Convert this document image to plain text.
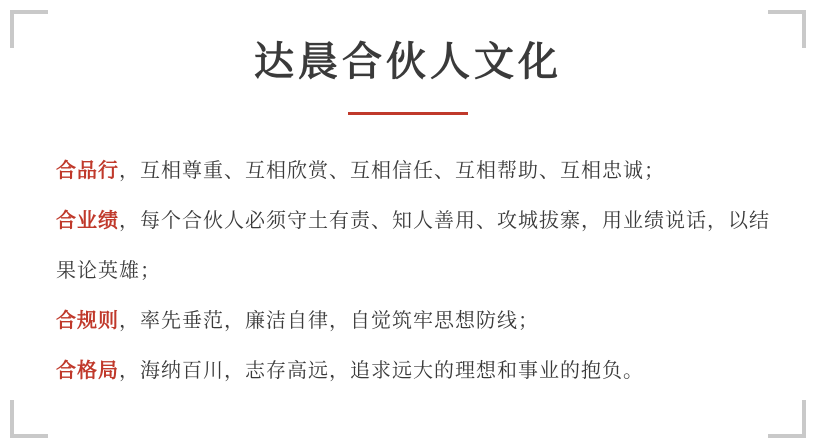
达晨合伙人文化

合品行，互相尊重、互相欣赏、互相信任、互相帮助、互相忠诚；

合业绩，每个合伙人必须守土有责、知人善用、攻城拔寨，用业绩说话，以结果论英雄；

合规则，率先垂范，廉洁自律，自觉筑牢思想防线；

合格局，海纳百川，志存高远，追求远大的理想和事业的抱负。
